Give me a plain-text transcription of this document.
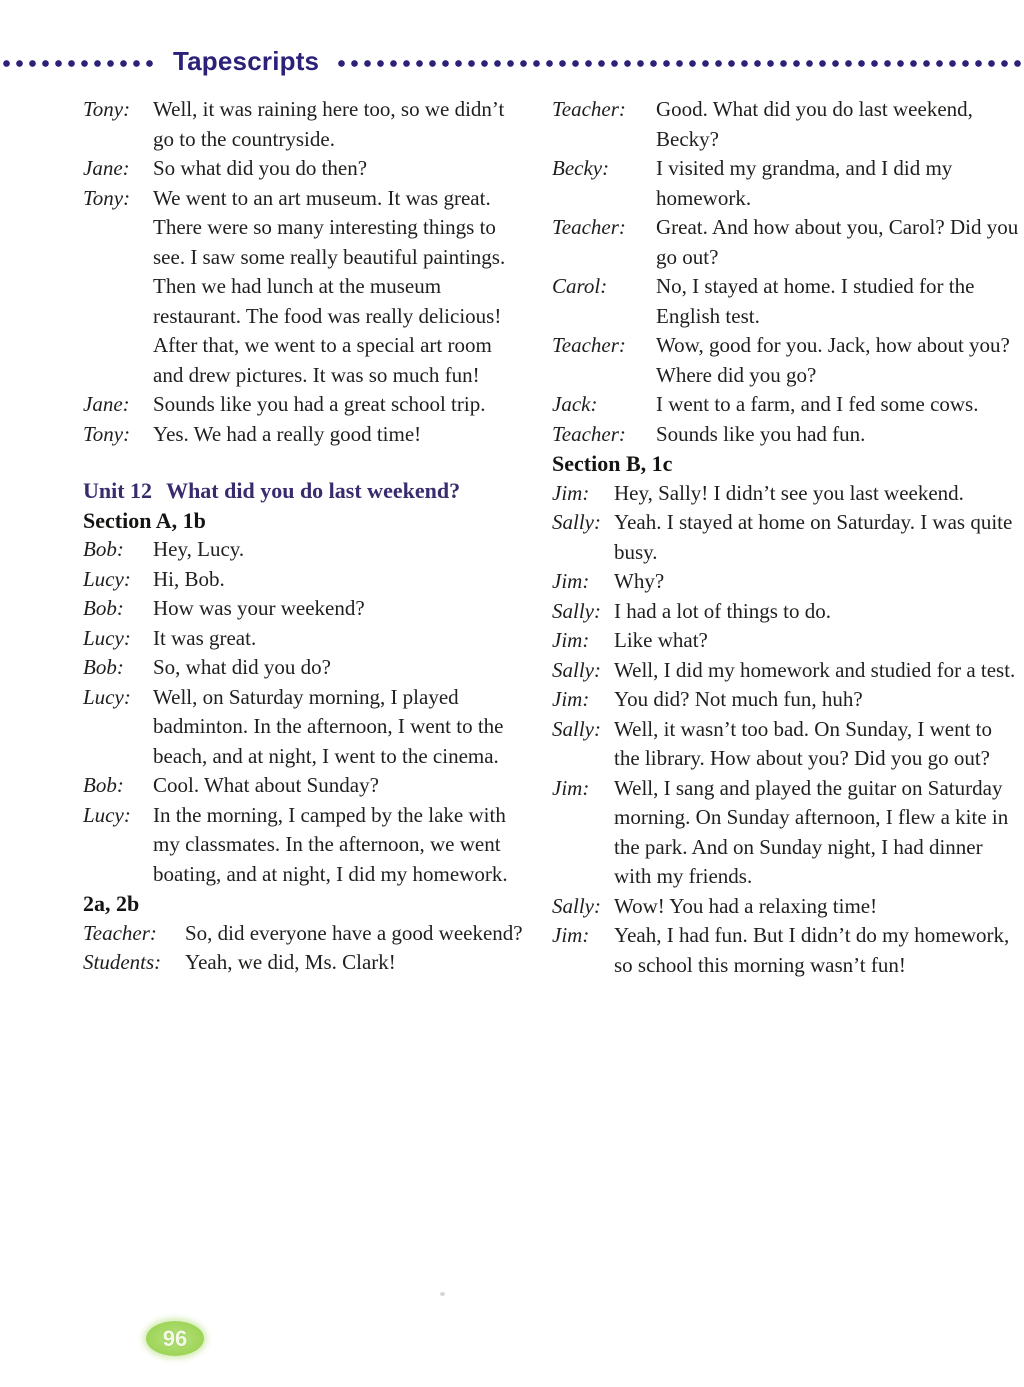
Tapescripts
Tony:	Well, it was raining here too, so we didn’t go to the countryside.
Jane:	So what did you do then?
Tony:	We went to an art museum. It was great. There were so many interesting things to see. I saw some really beautiful paintings. Then we had lunch at the museum restaurant. The food was really delicious! After that, we went to a special art room and drew pictures. It was so much fun!
Jane:	Sounds like you had a great school trip.
Tony:	Yes. We had a really good time!
Unit 12 What did you do last weekend?
Section A, 1b
Bob:	Hey, Lucy.
Lucy:	Hi, Bob.
Bob:	How was your weekend?
Lucy:	It was great.
Bob:	So, what did you do?
Lucy:	Well, on Saturday morning, I played badminton. In the afternoon, I went to the beach, and at night, I went to the cinema.
Bob:	Cool. What about Sunday?
Lucy:	In the morning, I camped by the lake with my classmates. In the afternoon, we went boating, and at night, I did my homework.
2a, 2b
Teacher:	So, did everyone have a good weekend?
Students:	Yeah, we did, Ms. Clark!
Teacher:	Good. What did you do last weekend, Becky?
Becky:	I visited my grandma, and I did my homework.
Teacher:	Great. And how about you, Carol? Did you go out?
Carol:	No, I stayed at home. I studied for the English test.
Teacher:	Wow, good for you. Jack, how about you? Where did you go?
Jack:	I went to a farm, and I fed some cows.
Teacher:	Sounds like you had fun.
Section B, 1c
Jim:	Hey, Sally! I didn’t see you last weekend.
Sally: Yeah. I stayed at home on Saturday. I was quite busy.
Jim:	Why?
Sally: I had a lot of things to do.
Jim:	Like what?
Sally: Well, I did my homework and studied for a test.
Jim:	You did? Not much fun, huh?
Sally: Well, it wasn’t too bad. On Sunday, I went to the library. How about you? Did you go out?
Jim:	Well, I sang and played the guitar on Saturday morning. On Sunday afternoon, I flew a kite in the park. And on Sunday night, I had dinner with my friends.
Sally: Wow! You had a relaxing time!
Jim:	Yeah, I had fun. But I didn’t do my homework, so school this morning wasn’t fun!
96
